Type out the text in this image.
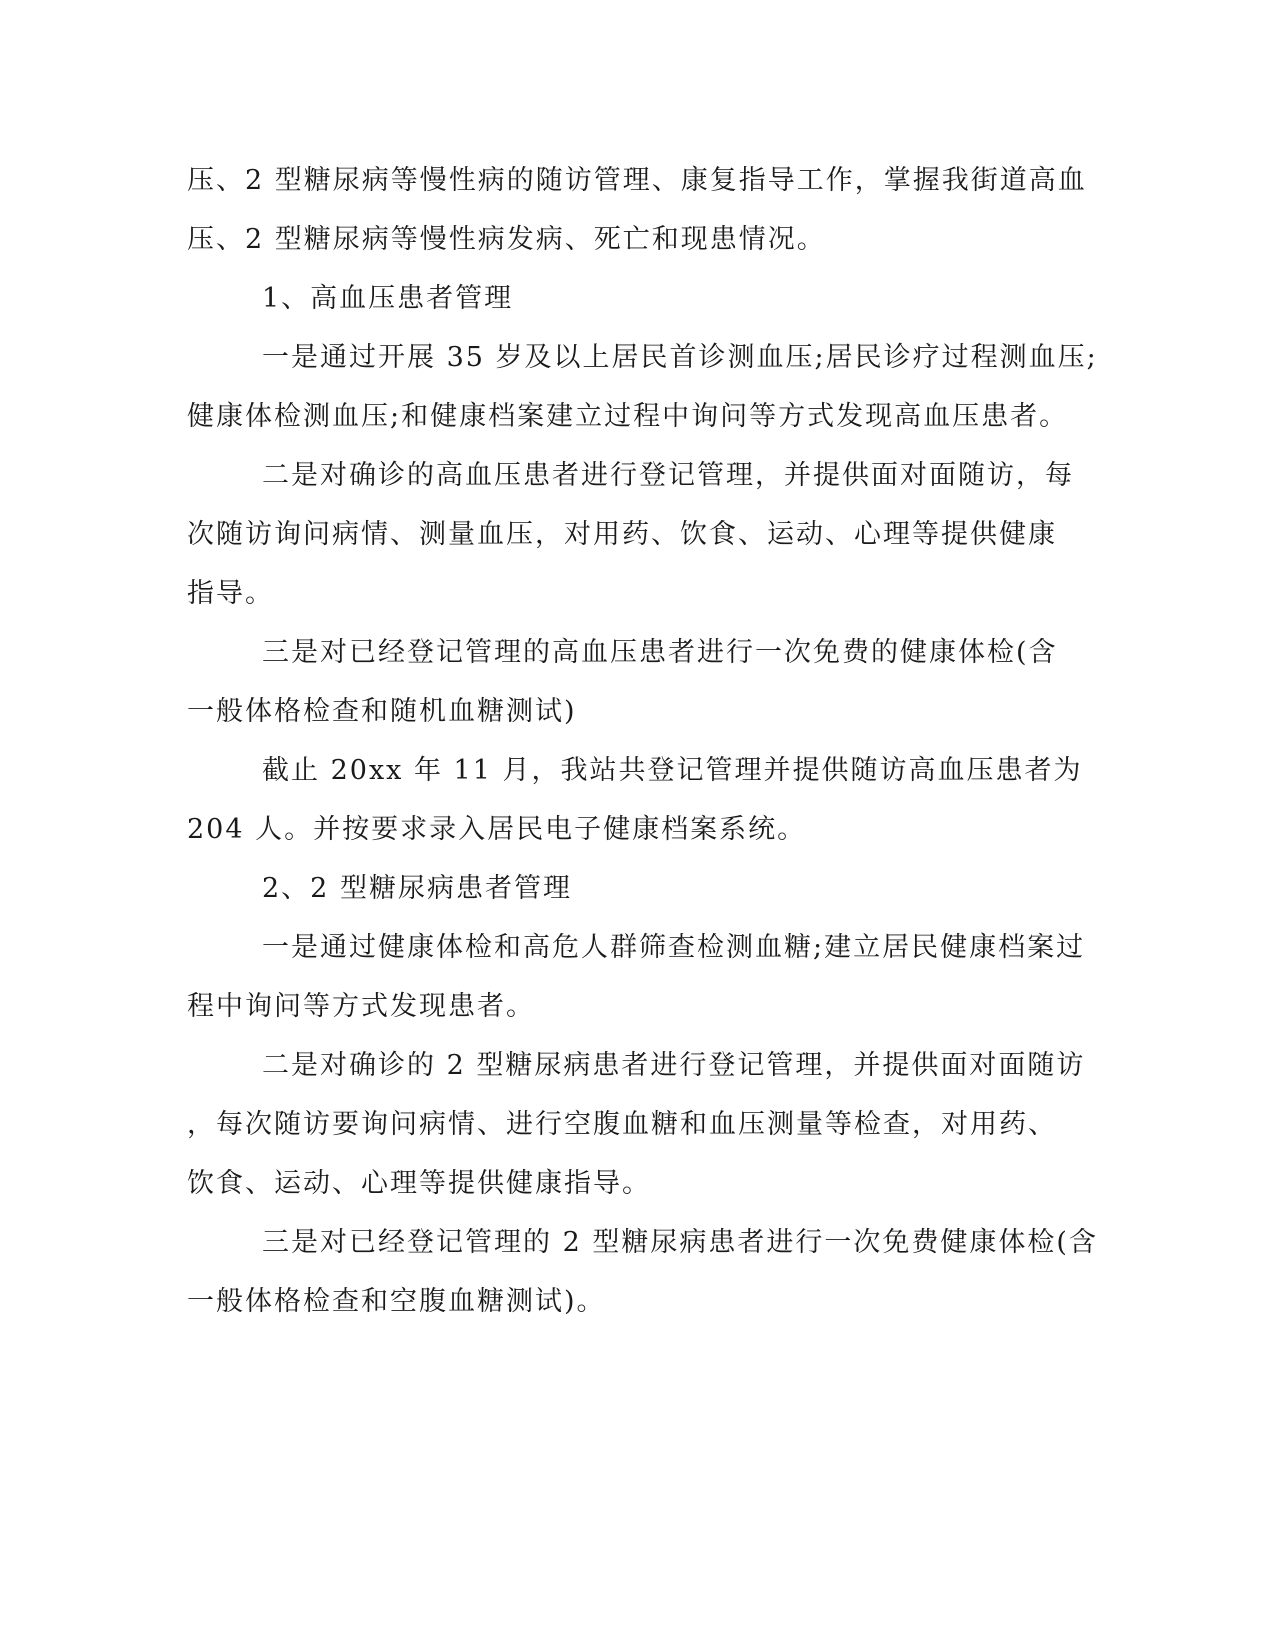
压、2 型糖尿病等慢性病的随访管理、康复指导工作，掌握我街道高血
压、2 型糖尿病等慢性病发病、死亡和现患情况。
1、高血压患者管理
一是通过开展 35 岁及以上居民首诊测血压;居民诊疗过程测血压;
健康体检测血压;和健康档案建立过程中询问等方式发现高血压患者。
二是对确诊的高血压患者进行登记管理，并提供面对面随访，每
次随访询问病情、测量血压，对用药、饮食、运动、心理等提供健康
指导。
三是对已经登记管理的高血压患者进行一次免费的健康体检(含
一般体格检查和随机血糖测试)
截止 20xx 年 11 月，我站共登记管理并提供随访高血压患者为
204 人。并按要求录入居民电子健康档案系统。
2、2 型糖尿病患者管理
一是通过健康体检和高危人群筛查检测血糖;建立居民健康档案过
程中询问等方式发现患者。
二是对确诊的 2 型糖尿病患者进行登记管理，并提供面对面随访
，每次随访要询问病情、进行空腹血糖和血压测量等检查，对用药、
饮食、运动、心理等提供健康指导。
三是对已经登记管理的 2 型糖尿病患者进行一次免费健康体检(含
一般体格检查和空腹血糖测试)。
